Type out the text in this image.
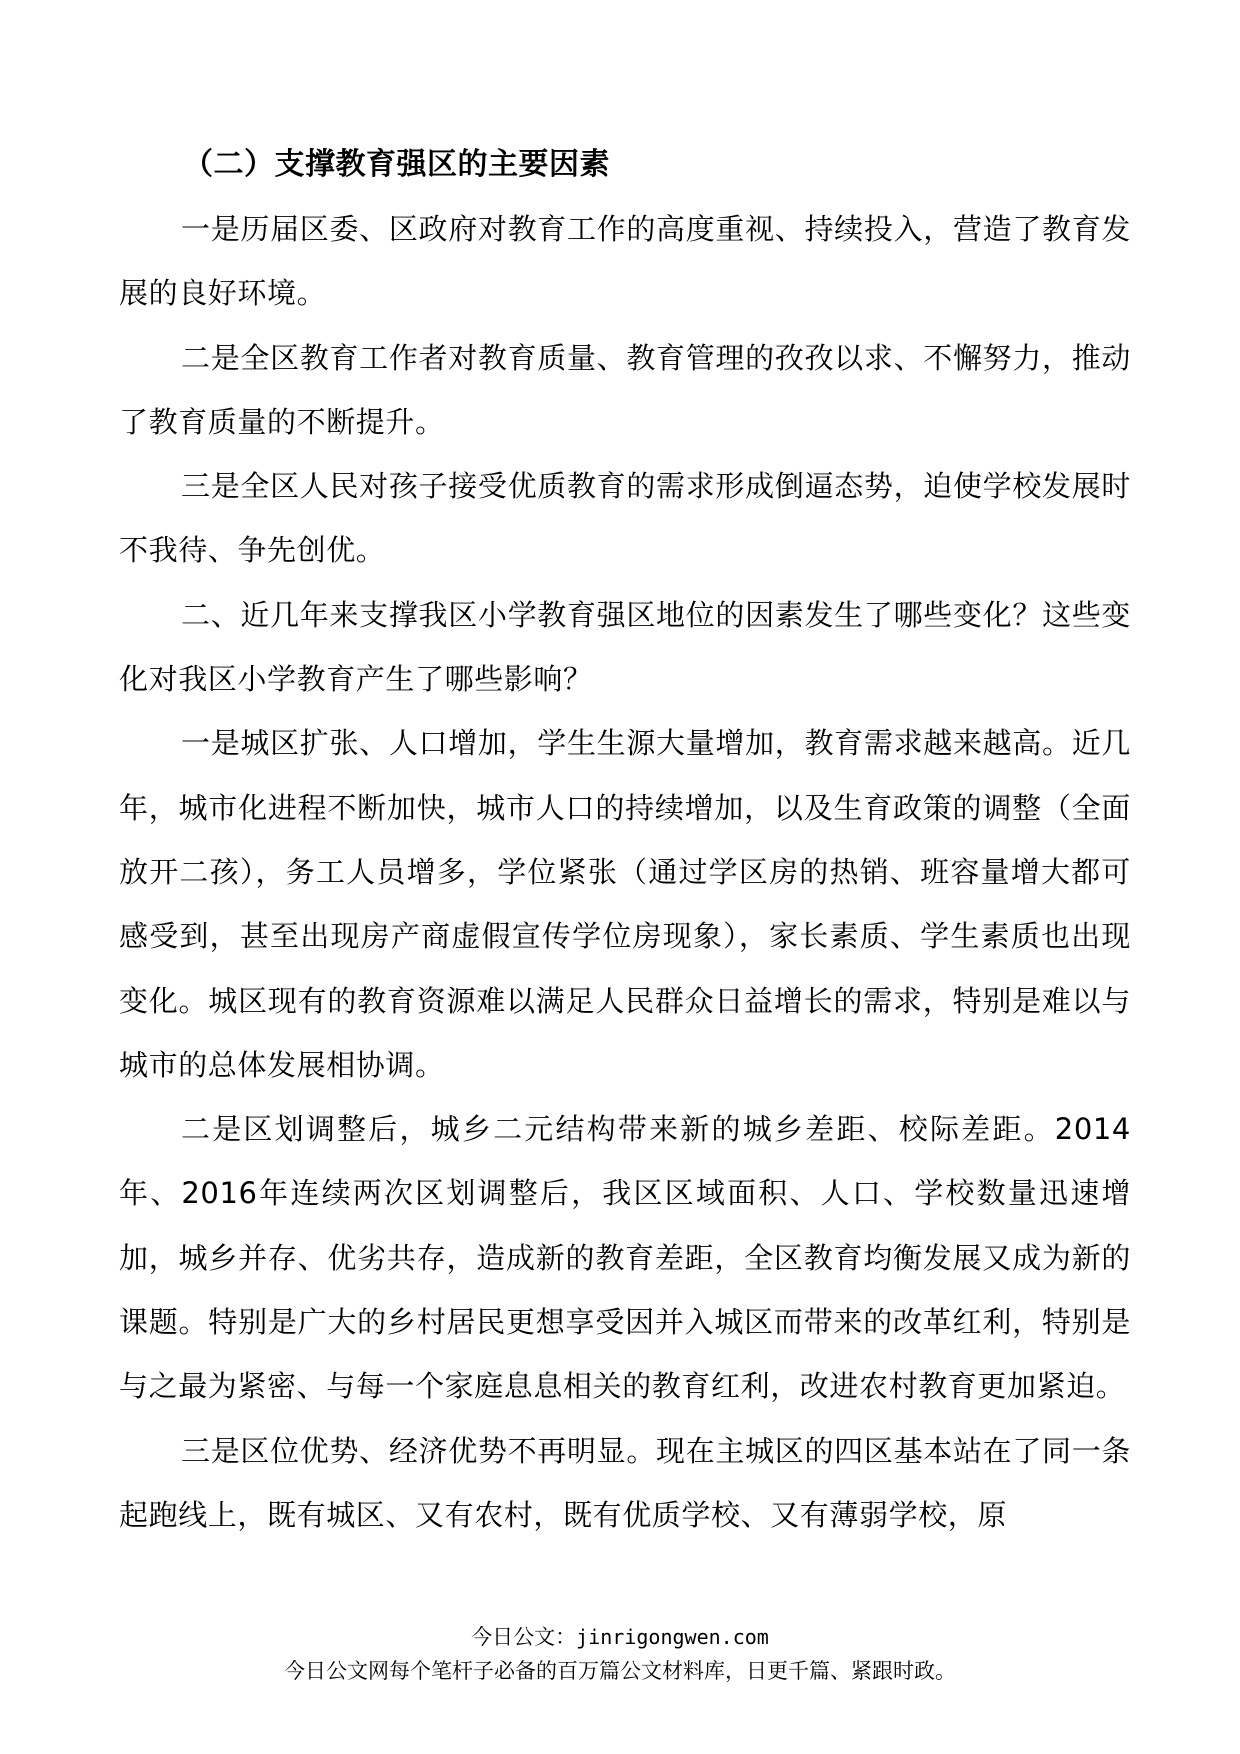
（二）支撑教育强区的主要因素

一是历届区委、区政府对教育工作的高度重视、持续投入，营造了教育发展的良好环境。

二是全区教育工作者对教育质量、教育管理的孜孜以求、不懈努力，推动了教育质量的不断提升。

三是全区人民对孩子接受优质教育的需求形成倒逼态势，迫使学校发展时不我待、争先创优。

二、近几年来支撑我区小学教育强区地位的因素发生了哪些变化？这些变化对我区小学教育产生了哪些影响？

一是城区扩张、人口增加，学生生源大量增加，教育需求越来越高。近几年，城市化进程不断加快，城市人口的持续增加，以及生育政策的调整（全面放开二孩），务工人员增多，学位紧张（通过学区房的热销、班容量增大都可感受到，甚至出现房产商虚假宣传学位房现象），家长素质、学生素质也出现变化。城区现有的教育资源难以满足人民群众日益增长的需求，特别是难以与城市的总体发展相协调。

二是区划调整后，城乡二元结构带来新的城乡差距、校际差距。2014年、2016年连续两次区划调整后，我区区域面积、人口、学校数量迅速增加，城乡并存、优劣共存，造成新的教育差距，全区教育均衡发展又成为新的课题。特别是广大的乡村居民更想享受因并入城区而带来的改革红利，特别是与之最为紧密、与每一个家庭息息相关的教育红利，改进农村教育更加紧迫。

三是区位优势、经济优势不再明显。现在主城区的四区基本站在了同一条起跑线上，既有城区、又有农村，既有优质学校、又有薄弱学校，原

今日公文：jinrigongwen.com
今日公文网每个笔杆子必备的百万篇公文材料库，日更千篇、紧跟时政。
